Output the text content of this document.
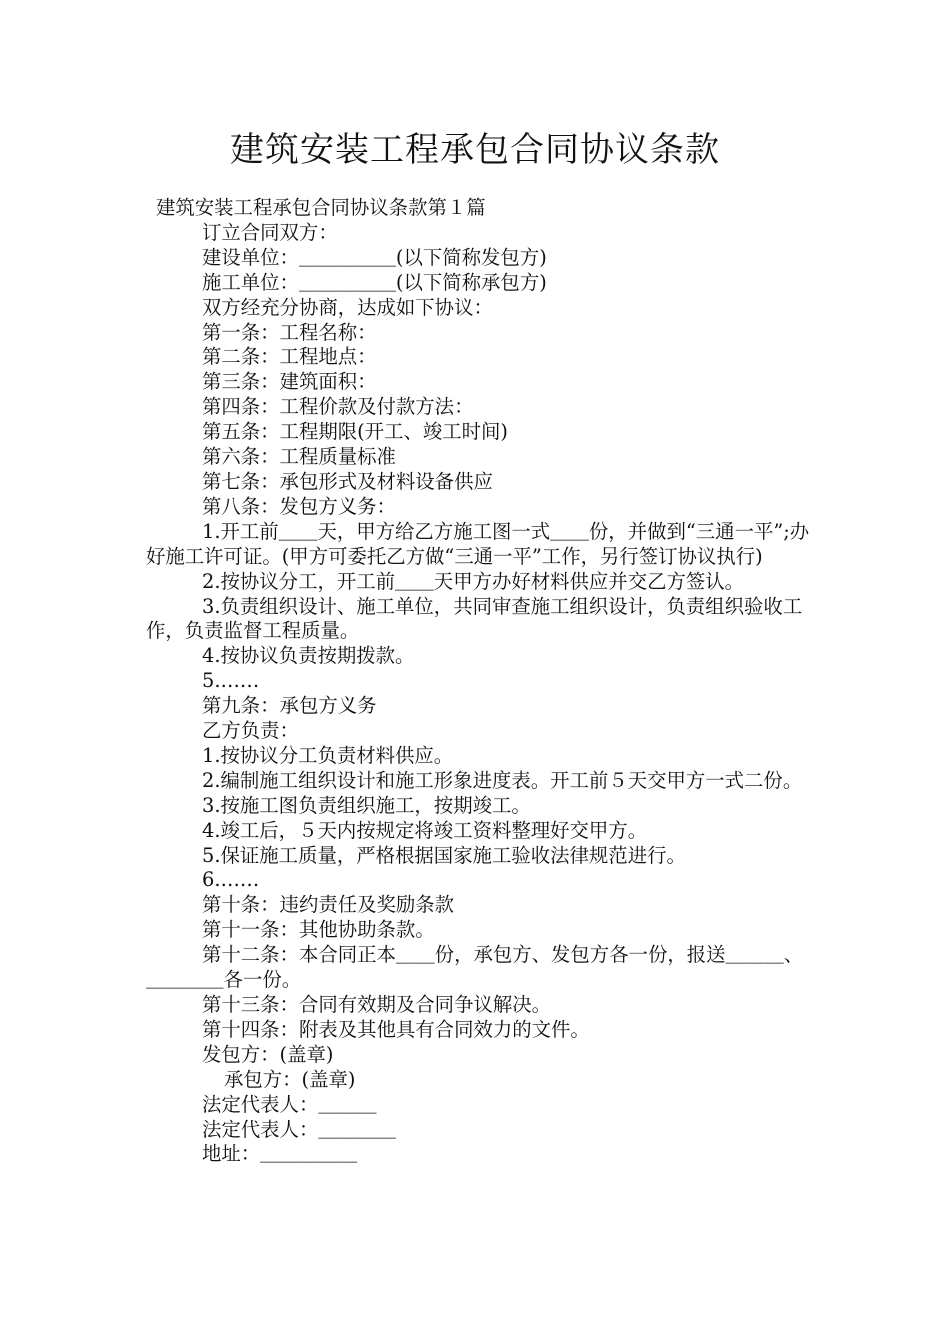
建筑安装工程承包合同协议条款
建筑安装工程承包合同协议条款第１篇
订立合同双方：
建设单位：＿＿＿＿＿(以下简称发包方)
施工单位：＿＿＿＿＿(以下简称承包方)
双方经充分协商，达成如下协议：
第一条：工程名称：
第二条：工程地点：
第三条：建筑面积：
第四条：工程价款及付款方法：
第五条：工程期限(开工、竣工时间)
第六条：工程质量标准
第七条：承包形式及材料设备供应
第八条：发包方义务：
1.开工前＿＿天，甲方给乙方施工图一式＿＿份，并做到“三通一平”;办好施工许可证。(甲方可委托乙方做“三通一平”工作，另行签订协议执行)
2.按协议分工，开工前＿＿天甲方办好材料供应并交乙方签认。
3.负责组织设计、施工单位，共同审查施工组织设计，负责组织验收工作，负责监督工程质量。
4.按协议负责按期拨款。
5.……
第九条：承包方义务
乙方负责：
1.按协议分工负责材料供应。
2.编制施工组织设计和施工形象进度表。开工前５天交甲方一式二份。
3.按施工图负责组织施工，按期竣工。
4.竣工后，５天内按规定将竣工资料整理好交甲方。
5.保证施工质量，严格根据国家施工验收法律规范进行。
6.……
第十条：违约责任及奖励条款
第十一条：其他协助条款。
第十二条：本合同正本＿＿份，承包方、发包方各一份，报送＿＿＿、＿＿＿＿各一份。
第十三条：合同有效期及合同争议解决。
第十四条：附表及其他具有合同效力的文件。
发包方：(盖章)
承包方：(盖章)
法定代表人：＿＿＿
法定代表人：＿＿＿＿
地址：＿＿＿＿＿
